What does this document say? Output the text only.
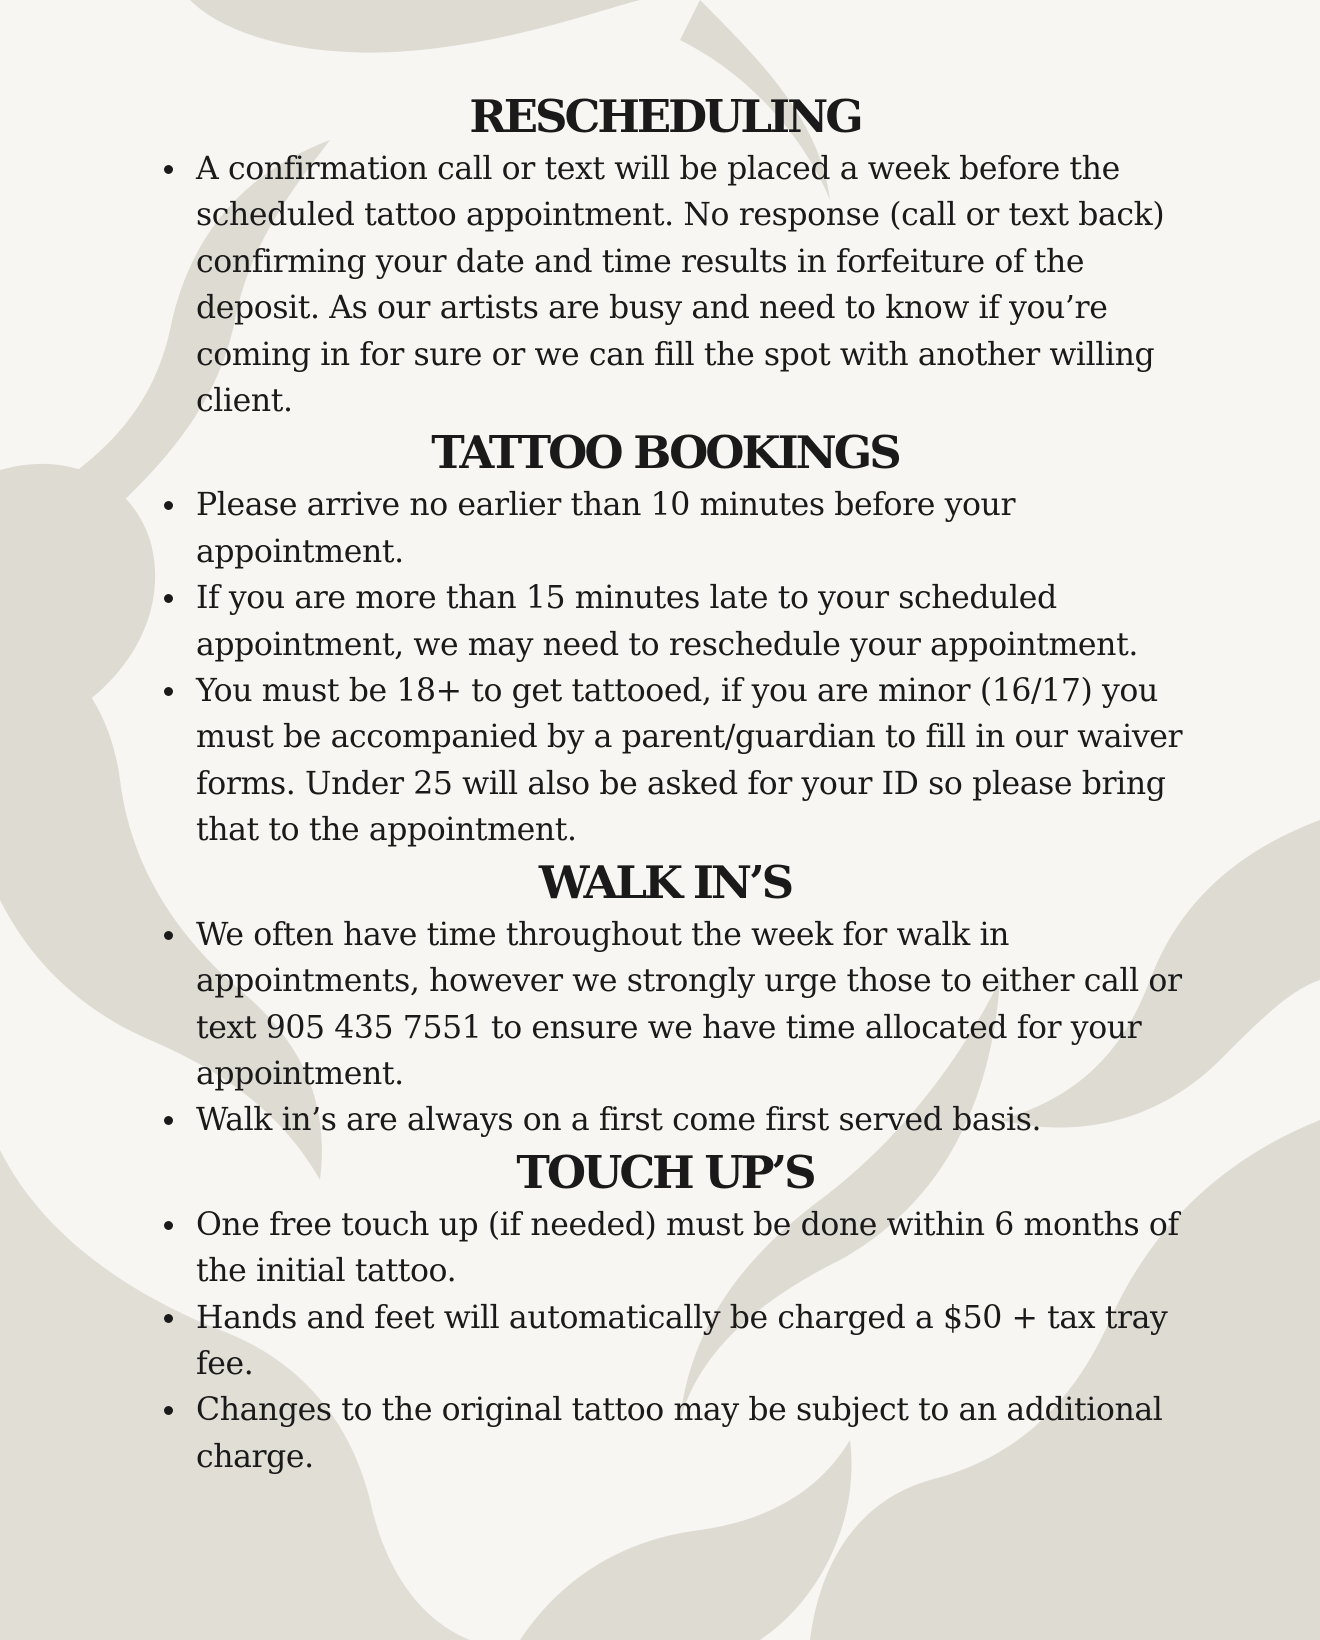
RESCHEDULING
A confirmation call or text will be placed a week before the scheduled tattoo appointment. No response (call or text back) confirming your date and time results in forfeiture of the deposit. As our artists are busy and need to know if you’re coming in for sure or we can fill the spot with another willing client.
TATTOO BOOKINGS
Please arrive no earlier than 10 minutes before your appointment.
If you are more than 15 minutes late to your scheduled appointment, we may need to reschedule your appointment.
You must be 18+ to get tattooed, if you are minor (16/17) you must be accompanied by a parent/guardian to fill in our waiver forms. Under 25 will also be asked for your ID so please bring that to the appointment.
WALK IN’S
We often have time throughout the week for walk in appointments, however we strongly urge those to either call or text 905 435 7551 to ensure we have time allocated for your appointment.
Walk in’s are always on a first come first served basis.
TOUCH UP’S
One free touch up (if needed) must be done within 6 months of the initial tattoo.
Hands and feet will automatically be charged a $50 + tax tray fee.
Changes to the original tattoo may be subject to an additional charge.
